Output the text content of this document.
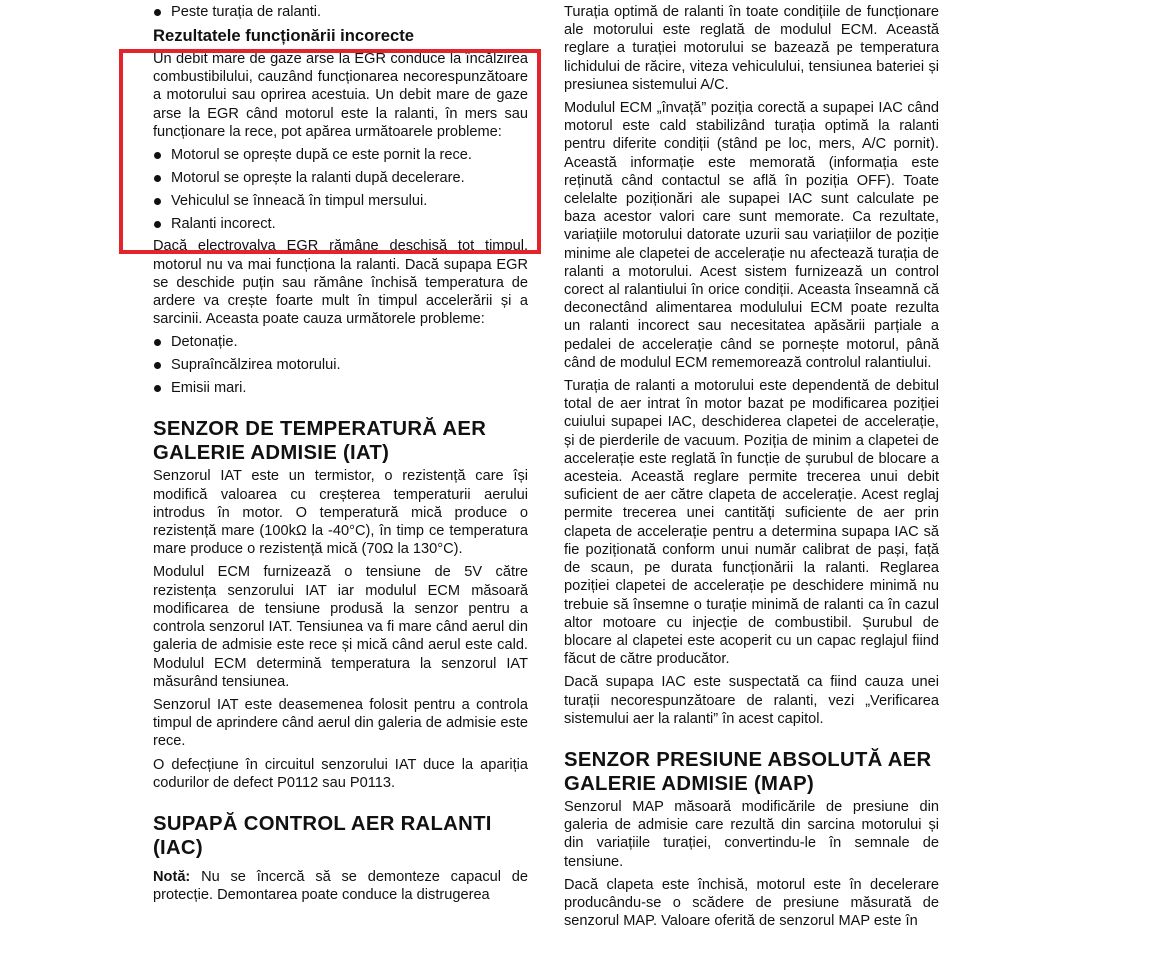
Peste turația de ralanti.
Rezultatele funcționării incorecte

Un debit mare de gaze arse la EGR conduce la încălzirea combustibilului, cauzând funcționarea necorespunzătoare a motorului sau oprirea acestuia. Un debit mare de gaze arse la EGR când motorul este la ralanti, în mers sau funcționare la rece, pot apărea următoarele probleme:

Motorul se oprește după ce este pornit la rece.
Motorul se oprește la ralanti după decelerare.
Vehiculul se înneacă în timpul mersului.
Ralanti incorect.

Dacă electrovalva EGR rămâne deschisă tot timpul, motorul nu va mai funcționa la ralanti. Dacă supapa EGR se deschide puțin sau rămâne închisă temperatura de ardere va crește foarte mult în timpul accelerării și a sarcinii. Aceasta poate cauza următorele probleme:

Detonație.
Supraîncălzirea motorului.
Emisii mari.
SENZOR DE TEMPERATURĂ AER GALERIE ADMISIE (IAT)

Senzorul IAT este un termistor, o rezistență care își modifică valoarea cu creșterea temperaturii aerului introdus în motor. O temperatură mică produce o rezistență mare (100kΩ la -40°C), în timp ce temperatura mare produce o rezistență mică (70Ω la 130°C).

Modulul ECM furnizează o tensiune de 5V către rezistența senzorului IAT iar modulul ECM măsoară modificarea de tensiune produsă la senzor pentru a controla senzorul IAT. Tensiunea va fi mare când aerul din galeria de admisie este rece și mică când aerul este cald. Modulul ECM determină temperatura la senzorul IAT măsurând tensiunea.

Senzorul IAT este deasemenea folosit pentru a controla timpul de aprindere când aerul din galeria de admisie este rece.

O defecțiune în circuitul senzorului IAT duce la apariția codurilor de defect P0112 sau P0113.

SUPAPĂ CONTROL AER RALANTI (IAC)

Notă: Nu se încercă să se demonteze capacul de protecție. Demontarea poate conduce la distrugerea

Turația optimă de ralanti în toate condițiile de funcționare ale motorului este reglată de modulul ECM. Această reglare a turației motorului se bazează pe temperatura lichidului de răcire, viteza vehiculului, tensiunea bateriei și presiunea sistemului A/C.

Modulul ECM „învață” poziția corectă a supapei IAC când motorul este cald stabilizând turația optimă la ralanti pentru diferite condiții (stând pe loc, mers, A/C pornit). Această informație este memorată (informația este reținută când contactul se află în poziția OFF). Toate celelalte poziționări ale supapei IAC sunt calculate pe baza acestor valori care sunt memorate. Ca rezultate, variațiile motorului datorate uzurii sau variațiilor de poziție minime ale clapetei de accelerație nu afectează turația de ralanti a motorului. Acest sistem furnizează un control corect al ralantiului în orice condiții. Aceasta înseamnă că deconectând alimentarea modulului ECM poate rezulta un ralanti incorect sau necesitatea apăsării parțiale a pedalei de accelerație când se pornește motorul, până când de modulul ECM rememorează controlul ralantiului.

Turația de ralanti a motorului este dependentă de debitul total de aer intrat în motor bazat pe modificarea poziției cuiului supapei IAC, deschiderea clapetei de accelerație, și de pierderile de vacuum. Poziția de minim a clapetei de accelerație este reglată în funcție de șurubul de blocare a acesteia. Această reglare permite trecerea unui debit suficient de aer către clapeta de accelerație. Acest reglaj permite trecerea unei cantități suficiente de aer prin clapeta de accelerație pentru a determina supapa IAC să fie poziționată conform unui număr calibrat de pași, față de scaun, pe durata funcționării la ralanti. Reglarea poziției clapetei de accelerație pe deschidere minimă nu trebuie să însemne o turație minimă de ralanti ca în cazul altor motoare cu injecție de combustibil. Șurubul de blocare al clapetei este acoperit cu un capac reglajul fiind făcut de către producător.

Dacă supapa IAC este suspectată ca fiind cauza unei turații necorespunzătoare de ralanti, vezi „Verificarea sistemului aer la ralanti” în acest capitol.

SENZOR PRESIUNE ABSOLUTĂ AER GALERIE ADMISIE (MAP)

Senzorul MAP măsoară modificările de presiune din galeria de admisie care rezultă din sarcina motorului și din variațiile turației, convertindu-le în semnale de tensiune.

Dacă clapeta este închisă, motorul este în decelerare producându-se o scădere de presiune măsurată de senzorul MAP. Valoare oferită de senzorul MAP este în
